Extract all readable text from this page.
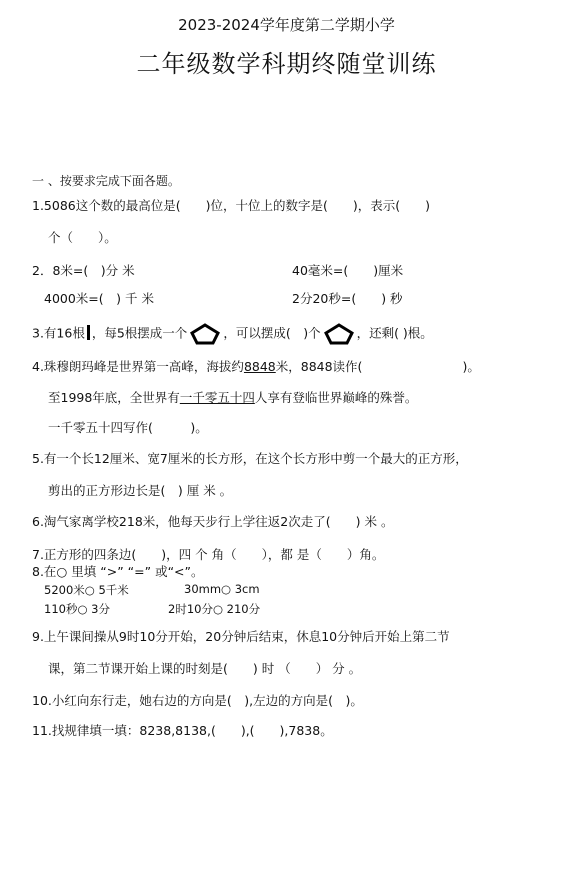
2023-2024学年度第二学期小学
二年级数学科期终随堂训练
一 、按要求完成下面各题。
1.5086这个数的最高位是(　　)位，十位上的数字是(　　)，表示(　　)
个（　　）。
2．8米=(　)分 米	40毫米=(　　)厘米
4000米=(　) 千 米	2分20秒=(　　) 秒
3.有16根 ，每5根摆成一个	，可以摆成(　)个	，还剩( )根。
4.珠穆朗玛峰是世界第一高峰，海拔约8848米，8848读作(　　　　　　　　)。
至1998年底，全世界有一千零五十四人享有登临世界巅峰的殊誉。
一千零五十四写作(　　　)。
5.有一个长12厘米、宽7厘米的长方形，在这个长方形中剪一个最大的正方形，
剪出的正方形边长是(　) 厘 米 。
6.淘气家离学校218米，他每天步行上学往返2次走了(　　) 米 。
7.正方形的四条边(　　)，四 个 角（　　），都 是（　　）角。
8.在○ 里填 “>” “=” 或“<”。
5200米○ 5千米	30mm○ 3cm
110秒○ 3分	2时10分○ 210分
9.上午课间操从9时10分开始，20分钟后结束，休息10分钟后开始上第二节
课，第二节课开始上课的时刻是(　　) 时 （　　） 分 。
10.小红向东行走，她右边的方向是(　),左边的方向是(　)。
11.找规律填一填：8238,8138,(　　),(　　),7838。
